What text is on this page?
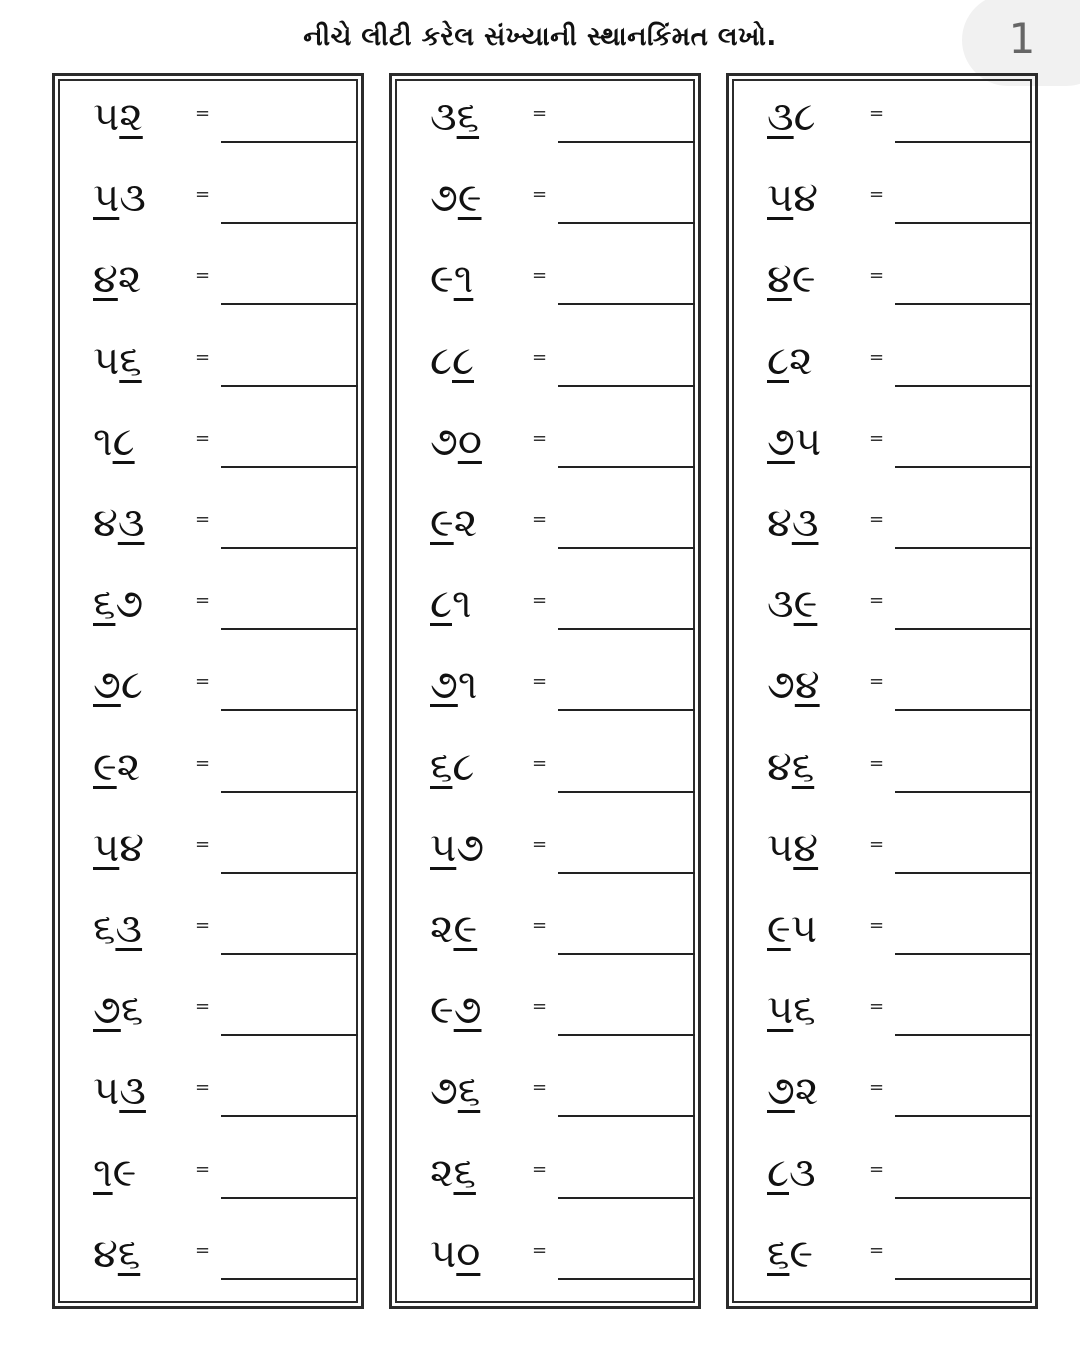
નીચે લીટી કરેલ સંખ્યાની સ્થાનકિંમત લખો.	1
૫૨	=
૫૩	=
૪૨	=
૫૬	=
૧૮	=
૪૩	=
૬૭	=
૭૮	=
૯૨	=
૫૪	=
૬૩	=
૭૬	=
૫૩	=
૧૯	=
૪૬	=
૩૬	=
૭૯	=
૯૧	=
૮૮	=
૭૦	=
૯૨	=
૮૧	=
૭૧	=
૬૮	=
૫૭	=
૨૯	=
૯૭	=
૭૬	=
૨૬	=
૫૦	=
૩૮	=
૫૪	=
૪૯	=
૮૨	=
૭૫	=
૪૩	=
૩૯	=
૭૪	=
૪૬	=
૫૪	=
૯૫	=
૫૬	=
૭૨	=
૮૩	=
૬૯	=
